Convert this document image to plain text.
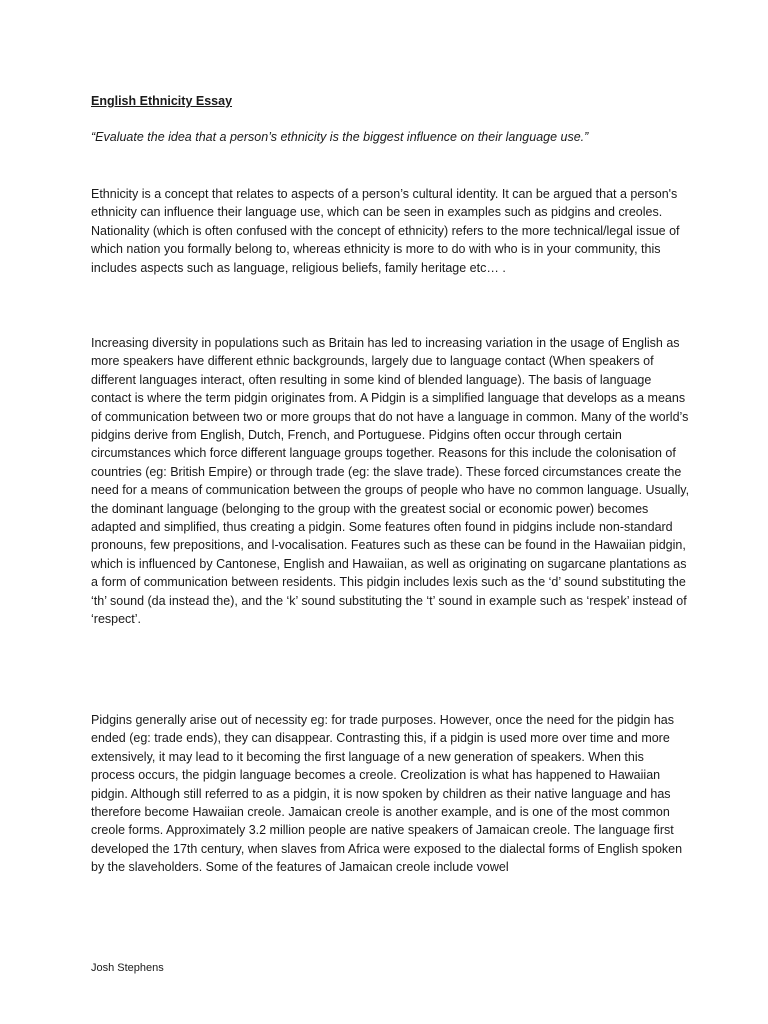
English Ethnicity Essay

“Evaluate the idea that a person’s ethnicity is the biggest influence on their language use.”

Ethnicity is a concept that relates to aspects of a person’s cultural identity. It can be argued that a person's ethnicity can influence their language use, which can be seen in examples such as pidgins and creoles. Nationality (which is often confused with the concept of ethnicity) refers to the more technical/legal issue of which nation you formally belong to, whereas ethnicity is more to do with who is in your community, this includes aspects such as language, religious beliefs, family heritage etc… .

Increasing diversity in populations such as Britain has led to increasing variation in the usage of English as more speakers have different ethnic backgrounds, largely due to language contact (When speakers of different languages interact, often resulting in some kind of blended language). The basis of language contact is where the term pidgin originates from. A Pidgin is a simplified language that develops as a means of communication between two or more groups that do not have a language in common. Many of the world’s pidgins derive from English, Dutch, French, and Portuguese. Pidgins often occur through certain circumstances which force different language groups together. Reasons for this include the colonisation of countries (eg: British Empire) or through trade (eg: the slave trade). These forced circumstances create the need for a means of communication between the groups of people who have no common language. Usually, the dominant language (belonging to the group with the greatest social or economic power) becomes adapted and simplified, thus creating a pidgin. Some features often found in pidgins include non-standard pronouns, few prepositions, and l-vocalisation. Features such as these can be found in the Hawaiian pidgin, which is influenced by Cantonese, English and Hawaiian, as well as originating on sugarcane plantations as a form of communication between residents. This pidgin includes lexis such as the ‘d’ sound substituting the ‘th’ sound (da instead the), and the ‘k’ sound substituting the ‘t’ sound in example such as ‘respek’ instead of ‘respect’.

Pidgins generally arise out of necessity eg: for trade purposes. However, once the need for the pidgin has ended (eg: trade ends), they can disappear. Contrasting this, if a pidgin is used more over time and more extensively, it may lead to it becoming the first language of a new generation of speakers. When this process occurs, the pidgin language becomes a creole. Creolization is what has happened to Hawaiian pidgin. Although still referred to as a pidgin, it is now spoken by children as their native language and has therefore become Hawaiian creole. Jamaican creole is another example, and is one of the most common creole forms. Approximately 3.2 million people are native speakers of Jamaican creole. The language first developed the 17th century, when slaves from Africa were exposed to the dialectal forms of English spoken by the slaveholders. Some of the features of Jamaican creole include vowel

Josh Stephens
